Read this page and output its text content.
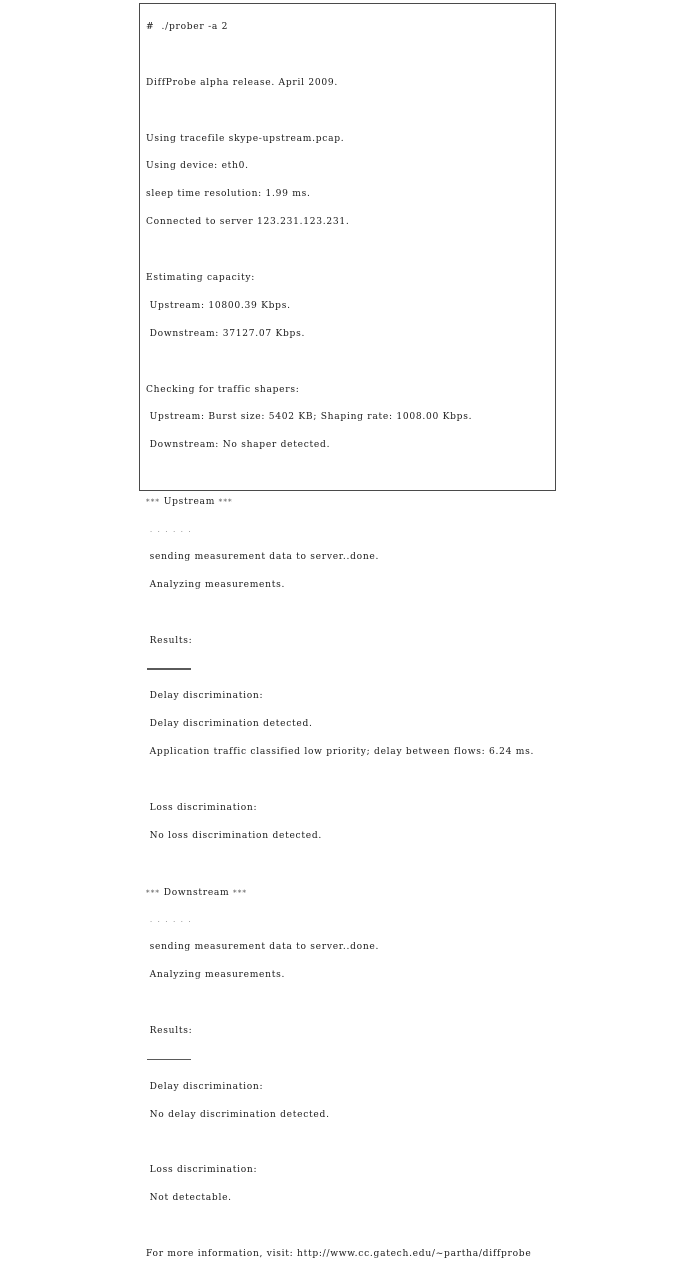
#  ./prober -a 2

DiffProbe alpha release. April 2009.

Using tracefile skype-upstream.pcap.

Using device: eth0.

sleep time resolution: 1.99 ms.

Connected to server 123.231.123.231.

Estimating capacity:

Upstream: 10800.39 Kbps.

Downstream: 37127.07 Kbps.

Checking for traffic shapers:

Upstream: Burst size: 5402 KB; Shaping rate: 1008.00 Kbps.

Downstream: No shaper detected.

*** Upstream ***

. . . . . .

sending measurement data to server..done.

Analyzing measurements.

Results:

Delay discrimination:

Delay discrimination detected.

Application traffic classified low priority; delay between flows: 6.24 ms.

Loss discrimination:

No loss discrimination detected.

*** Downstream ***

. . . . . .

sending measurement data to server..done.

Analyzing measurements.

Results:

Delay discrimination:

No delay discrimination detected.

Loss discrimination:

Not detectable.

For more information, visit: http://www.cc.gatech.edu/~partha/diffprobe
